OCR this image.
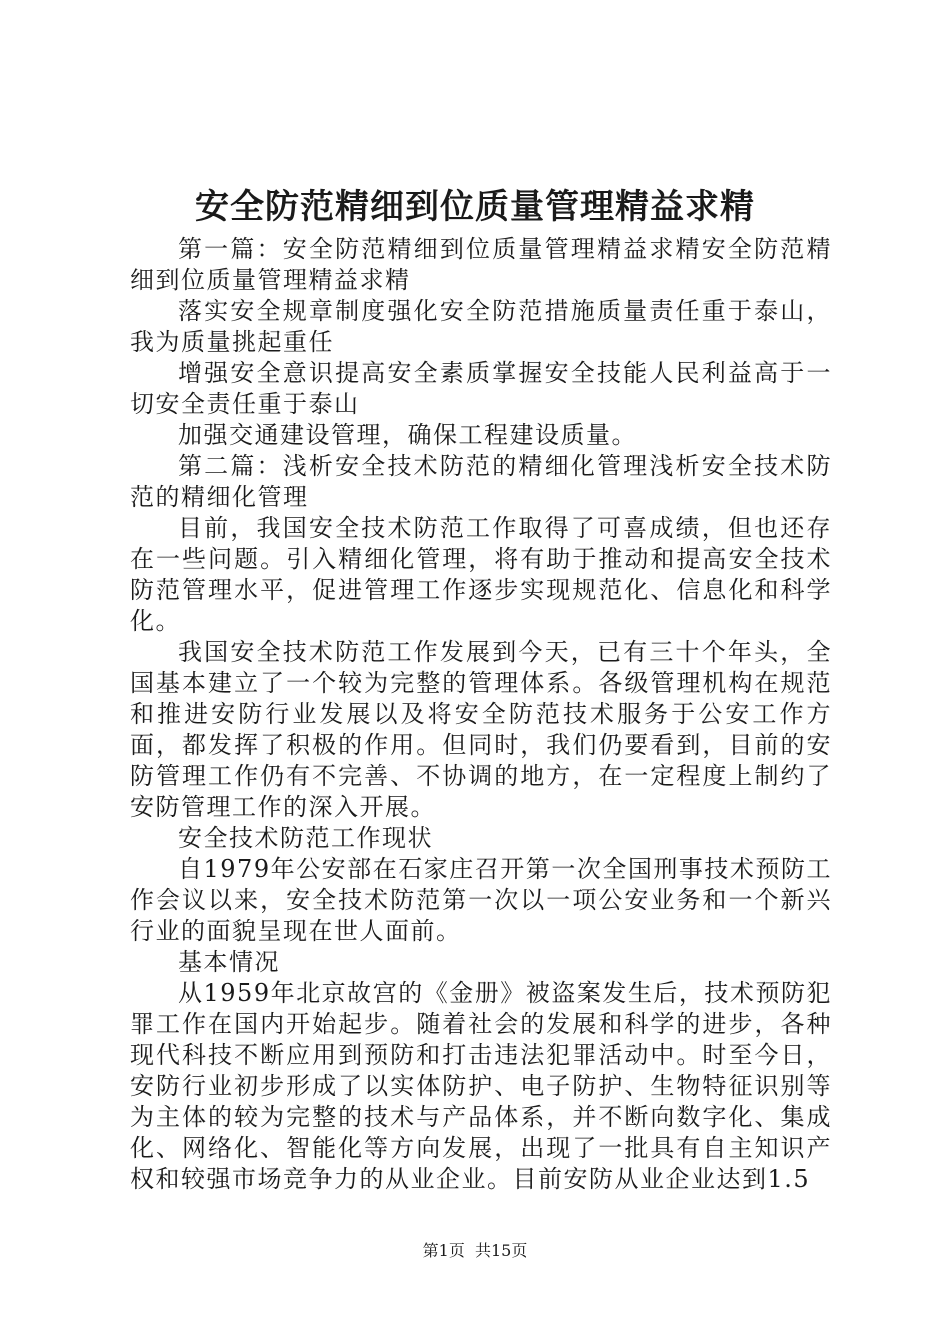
安全防范精细到位质量管理精益求精

第一篇：安全防范精细到位质量管理精益求精安全防范精细到位质量管理精益求精

落实安全规章制度强化安全防范措施质量责任重于泰山，我为质量挑起重任

增强安全意识提高安全素质掌握安全技能人民利益高于一切安全责任重于泰山

加强交通建设管理，确保工程建设质量。

第二篇：浅析安全技术防范的精细化管理浅析安全技术防范的精细化管理

目前，我国安全技术防范工作取得了可喜成绩，但也还存在一些问题。引入精细化管理，将有助于推动和提高安全技术防范管理水平，促进管理工作逐步实现规范化、信息化和科学化。

我国安全技术防范工作发展到今天，已有三十个年头，全国基本建立了一个较为完整的管理体系。各级管理机构在规范和推进安防行业发展以及将安全防范技术服务于公安工作方面，都发挥了积极的作用。但同时，我们仍要看到，目前的安防管理工作仍有不完善、不协调的地方，在一定程度上制约了安防管理工作的深入开展。

安全技术防范工作现状

自1979年公安部在石家庄召开第一次全国刑事技术预防工作会议以来，安全技术防范第一次以一项公安业务和一个新兴行业的面貌呈现在世人面前。

基本情况

从1959年北京故宫的《金册》被盗案发生后，技术预防犯罪工作在国内开始起步。随着社会的发展和科学的进步，各种现代科技不断应用到预防和打击违法犯罪活动中。时至今日，安防行业初步形成了以实体防护、电子防护、生物特征识别等为主体的较为完整的技术与产品体系，并不断向数字化、集成化、网络化、智能化等方向发展，出现了一批具有自主知识产权和较强市场竞争力的从业企业。目前安防从业企业达到1.5

第1页  共15页
